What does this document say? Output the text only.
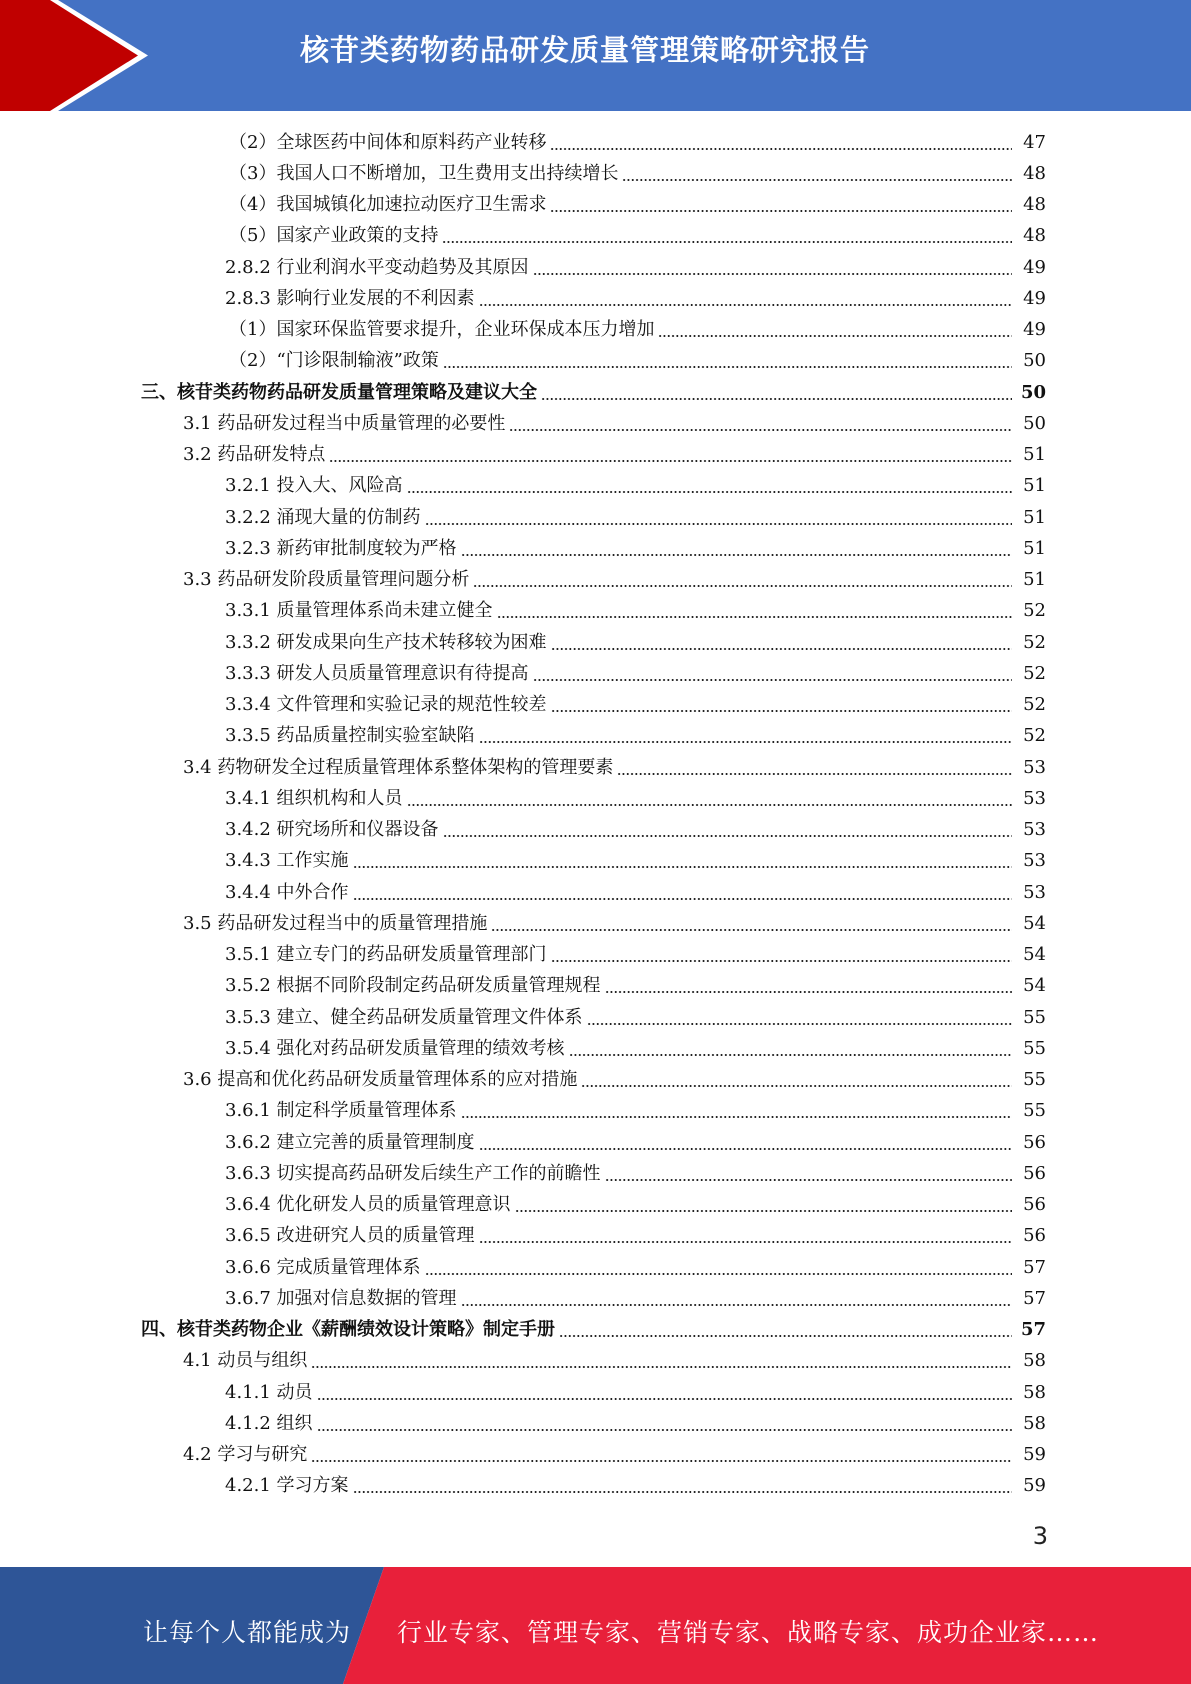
核苷类药物药品研发质量管理策略研究报告
（2）全球医药中间体和原料药产业转移	47
（3）我国人口不断增加，卫生费用支出持续增长	48
（4）我国城镇化加速拉动医疗卫生需求	48
（5）国家产业政策的支持	48
2.8.2 行业利润水平变动趋势及其原因	49
2.8.3 影响行业发展的不利因素	49
（1）国家环保监管要求提升，企业环保成本压力增加	49
（2）“门诊限制输液”政策	50
三、核苷类药物药品研发质量管理策略及建议大全	50
3.1 药品研发过程当中质量管理的必要性	50
3.2 药品研发特点	51
3.2.1 投入大、风险高	51
3.2.2 涌现大量的仿制药	51
3.2.3 新药审批制度较为严格	51
3.3 药品研发阶段质量管理问题分析	51
3.3.1 质量管理体系尚未建立健全	52
3.3.2 研发成果向生产技术转移较为困难	52
3.3.3 研发人员质量管理意识有待提高	52
3.3.4 文件管理和实验记录的规范性较差	52
3.3.5 药品质量控制实验室缺陷	52
3.4 药物研发全过程质量管理体系整体架构的管理要素	53
3.4.1 组织机构和人员	53
3.4.2 研究场所和仪器设备	53
3.4.3 工作实施	53
3.4.4 中外合作	53
3.5 药品研发过程当中的质量管理措施	54
3.5.1 建立专门的药品研发质量管理部门	54
3.5.2 根据不同阶段制定药品研发质量管理规程	54
3.5.3 建立、健全药品研发质量管理文件体系	55
3.5.4 强化对药品研发质量管理的绩效考核	55
3.6 提高和优化药品研发质量管理体系的应对措施	55
3.6.1 制定科学质量管理体系	55
3.6.2 建立完善的质量管理制度	56
3.6.3 切实提高药品研发后续生产工作的前瞻性	56
3.6.4 优化研发人员的质量管理意识	56
3.6.5 改进研究人员的质量管理	56
3.6.6 完成质量管理体系	57
3.6.7 加强对信息数据的管理	57
四、核苷类药物企业《薪酬绩效设计策略》制定手册	57
4.1 动员与组织	58
4.1.1 动员	58
4.1.2 组织	58
4.2 学习与研究	59
4.2.1 学习方案	59
3
让每个人都能成为 行业专家、管理专家、营销专家、战略专家、成功企业家……
